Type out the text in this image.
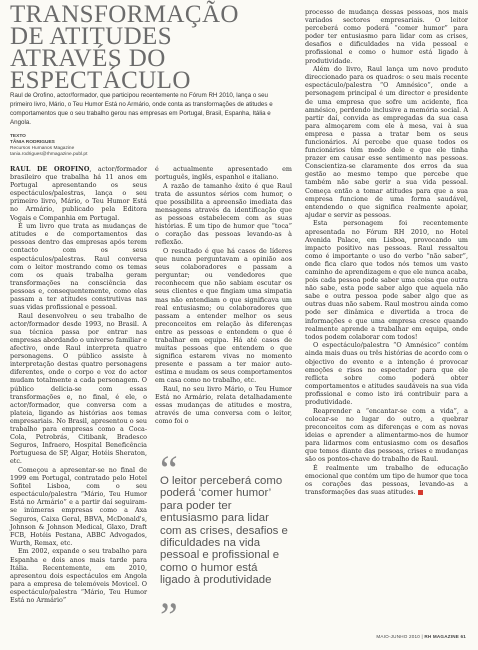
TRANSFORMAÇÃO
DE ATITUDES
ATRAVÉS DO ESPECTÁCULO

Raul de Orofino, actor/formador, que participou recentemente no Fórum RH 2010, lança o seu primeiro livro, Mário, o Teu Humor Está no Armário, onde conta as transformações de atitudes e comportamentos que o seu trabalho gerou nas empresas em Portugal, Brasil, Espanha, Itália e Angola.

TEXTO
TÂNIA RODRIGUES
Recursos Humanos Magazine
tania.rodrigues@rhmagazine.publ.pt

RAUL DE OROFINO, actor/formador brasileiro que trabalha há 11 anos em Portugal apresentando os seus espectáculos/palestras, lança o seu primeiro livro, Mário, o Teu Humor Está no Armário, publicado pela Editora Vogais e Companhia em Portugal.

É um livro que trata as mudanças de atitudes e de comportamentos das pessoas dentro das empresas após terem contacto com os seus espectáculos/palestras. Raul conversa com o leitor mostrando como os temas com os quais trabalha geram transformações na consciência das pessoas e, consequentemente, como elas passam a ter atitudes construtivas nas suas vidas profissional e pessoal.

Raul desenvolveu o seu trabalho de actor/formador desde 1993, no Brasil. A sua técnica passa por entrar nas empresas abordando o universo familiar e afectivo, onde Raul interpreta quatro personagens. O público assiste à interpretação destas quatro personagens diferentes, onde o corpo e voz do actor mudam totalmente a cada personagem. O público delicia-se com essas transformações e, no final, é ele, o actor/formador, que conversa com a plateia, ligando as histórias aos temas empresariais. No Brasil, apresentou o seu trabalho para empresas como a Coca-Cola, Petrobrás, Citibank, Bradesco Seguros, Infraero, Hospital Beneficência Portuguesa de SP, Algar, Hotéis Sheraton, etc.

Começou a apresentar-se no final de 1999 em Portugal, contratado pelo Hotel Sofitel Lisboa, com o seu espectáculo/palestra “Mário, Teu Humor Está no Armário” e a partir daí seguiram-se inúmeras empresas como a Axa Seguros, Caixa Geral, BBVA, McDonald's, Johnson & Johnson Medical, Glaxo, Draft FCB, Hotéis Pestana, ABBC Advogados, Wurth, Remax, etc.

Em 2002, expande o seu trabalho para Espanha e dois anos mais tarde para Itália. Recentemente, em 2010, apresentou dois espectáculos em Angola para a empresa de telemóveis Movicel. O espectáculo/palestra “Mário, Teu Humor Está no Armário”

é actualmente apresentado em português, inglês, espanhol e italiano.

A razão de tamanho êxito é que Raul trata de assuntos sérios com humor, o que possibilita a apreensão imediata das mensagens através da identificação que as pessoas estabelecem com as suas histórias. É um tipo de humor que “toca” o coração das pessoas levando-as à reflexão.

O resultado é que há casos de líderes que nunca perguntavam a opinião aos seus colaboradores e passam a perguntar; ou vendedores que reconhecem que não sabiam escutar os seus clientes e que fingiam uma simpatia mas não entendiam o que significava um real entusiasmo; ou colaboradores que passam a entender melhor os seus preconceitos em relação às diferenças entre as pessoas e entendem o que é trabalhar em equipa. Há até casos de muitas pessoas que entendem o que significa estarem vivas no momento presente e passam a ter maior auto-estima e mudam os seus comportamentos em casa como no trabalho, etc.

Raul, no seu livro Mário, o Teu Humor Está no Armário, relata detalhadamente essas mudanças de atitudes e mostra, através de uma conversa com o leitor, como foi o

“

O leitor perceberá como poderá ‘comer humor’ para poder ter entusiasmo para lidar com as crises, desafios e dificuldades na vida pessoal e profissional e como o humor está ligado à produtividade

”

processo de mudança dessas pessoas, nos mais variados sectores empresariais. O leitor perceberá como poderá “comer humor” para poder ter entusiasmo para lidar com as crises, desafios e dificuldades na vida pessoal e profissional e como o humor está ligado à produtividade.

Além do livro, Raul lança um novo produto direccionado para os quadros: o seu mais recente espectáculo/palestra “O Amnésico”, onde a personagem principal é um director e presidente de uma empresa que sofre um acidente, fica amnésico, perdendo inclusive a memória social. A partir daí, convida as empregadas da sua casa para almoçarem com ele à mesa, vai à sua empresa e passa a tratar bem os seus funcionários. Aí percebe que quase todos os funcionários têm medo dele e que ele tinha prazer em causar esse sentimento nas pessoas. Conscientiza-se claramente dos erros da sua gestão ao mesmo tempo que percebe que também não sabe gerir a sua vida pessoal. Começa então a tomar atitudes para que a sua empresa funcione de uma forma saudável, entendendo o que significa realmente apoiar, ajudar e servir as pessoas.

Esta personagem foi recentemente apresentada no Fórum RH 2010, no Hotel Avenida Palace, em Lisboa, provocando um impacto positivo nas pessoas. Raul ressaltou como é importante o uso do verbo “não saber”, onde fica claro que todos nós temos um vasto caminho de aprendizagem e que ele nunca acaba, pois cada pessoa pode saber uma coisa que outra não sabe, esta pode saber algo que aquela não sabe e outra pessoa pode saber algo que as outras duas não sabem. Raul mostrou ainda como pode ser dinâmica e divertida a troca de informações e que uma empresa cresce quando realmente aprende a trabalhar em equipa, onde todos podem colaborar com todos!

O espectáculo/palestra “O Amnésico” contém ainda mais duas ou três histórias de acordo com o objectivo do evento e a intenção é provocar emoções e risos no espectador para que ele reflicta sobre como poderá obter comportamentos e atitudes saudáveis na sua vida profissional e como isto irá contribuir para a produtividade.

Reaprender a “encantar-se com a vida”, a colocar-se no lugar do outro, a quebrar preconceitos com as diferenças e com as novas ideias e aprender a alimentarmo-nos de humor para lidarmos com entusiasmo com os desafios que temos diante das pessoas, crises e mudanças são os pontos-chave do trabalho de Raul.

É realmente um trabalho de educação emocional que contém um tipo de humor que toca os corações das pessoas, levando-as a transformações das suas atitudes.

MAIO-JUNHO 2010 | RH MAGAZINE 61
